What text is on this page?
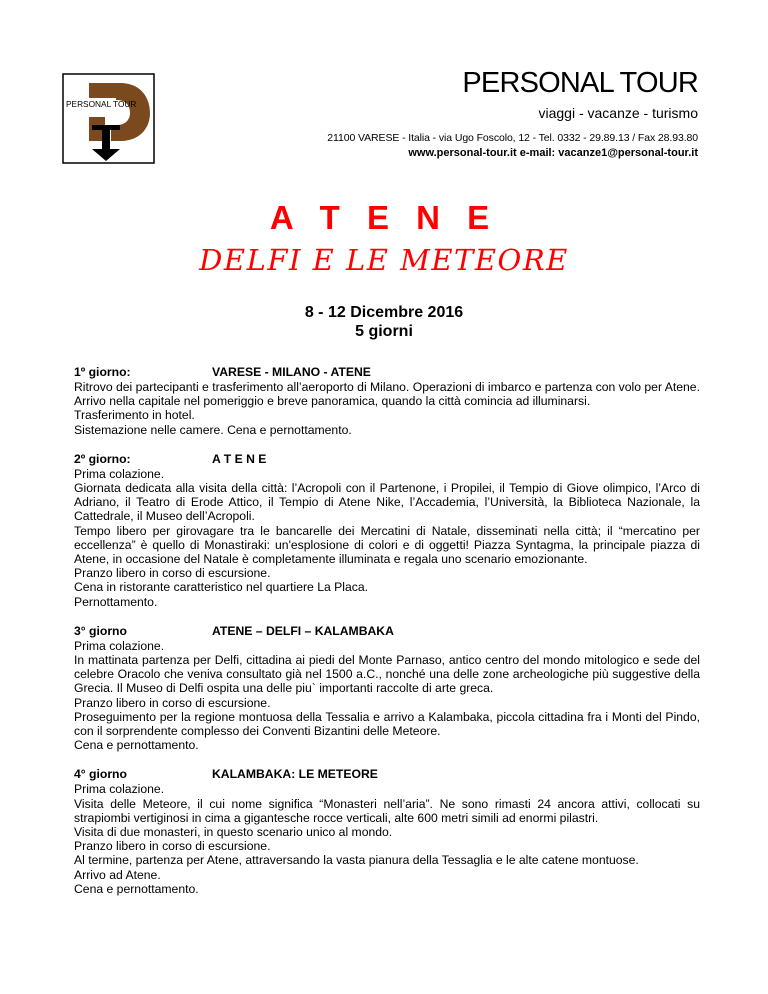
PERSONAL TOUR
PERSONAL TOUR
viaggi - vacanze - turismo
21100 VARESE - Italia - via Ugo Foscolo, 12 - Tel. 0332 - 29.89.13 / Fax 28.93.80
www.personal-tour.it e-mail: vacanze1@personal-tour.it
A T E N E
DELFI E LE METEORE
8 - 12 Dicembre 2016
5 giorni
1º giorno:	VARESE - MILANO - ATENE

Ritrovo dei partecipanti e trasferimento all’aeroporto di Milano. Operazioni di imbarco e partenza con volo per Atene.

Arrivo nella capitale nel pomeriggio e breve panoramica, quando la città comincia ad illuminarsi.

Trasferimento in hotel.

Sistemazione nelle camere. Cena e pernottamento.

2º giorno:	A T E N E

Prima colazione.

Giornata dedicata alla visita della città: l’Acropoli con il Partenone, i Propilei, il Tempio di Giove olimpico, l’Arco di Adriano, il Teatro di Erode Attico, il Tempio di Atene Nike, l’Accademia, l’Università, la Biblioteca Nazionale, la Cattedrale, il Museo dell’Acropoli.

Tempo libero per girovagare tra le bancarelle dei Mercatini di Natale, disseminati nella città; il “mercatino per eccellenza” è quello di Monastiraki: un'esplosione di colori e di oggetti! Piazza Syntagma, la principale piazza di Atene, in occasione del Natale è completamente illuminata e regala uno scenario emozionante.

Pranzo libero in corso di escursione.

Cena in ristorante caratteristico nel quartiere La Placa.

Pernottamento.

3° giorno	ATENE – DELFI – KALAMBAKA

Prima colazione.

In mattinata partenza per Delfi, cittadina ai piedi del Monte Parnaso, antico centro del mondo mitologico e sede del celebre Oracolo che veniva consultato già nel 1500 a.C., nonché una delle zone archeologiche più suggestive della Grecia. Il Museo di Delfi ospita una delle piu` importanti raccolte di arte greca.

Pranzo libero in corso di escursione.

Proseguimento per la regione montuosa della Tessalia e arrivo a Kalambaka, piccola cittadina fra i Monti del Pindo, con il sorprendente complesso dei Conventi Bizantini delle Meteore.

Cena e pernottamento.

4° giorno	KALAMBAKA: LE METEORE

Prima colazione.

Visita delle Meteore, il cui nome significa “Monasteri nell’aria”. Ne sono rimasti 24 ancora attivi, collocati su strapiombi vertiginosi in cima a gigantesche rocce verticali, alte 600 metri simili ad enormi pilastri.

Visita di due monasteri, in questo scenario unico al mondo.

Pranzo libero in corso di escursione.

Al termine, partenza per Atene, attraversando la vasta pianura della Tessaglia e le alte catene montuose.

Arrivo ad Atene.

Cena e pernottamento.
